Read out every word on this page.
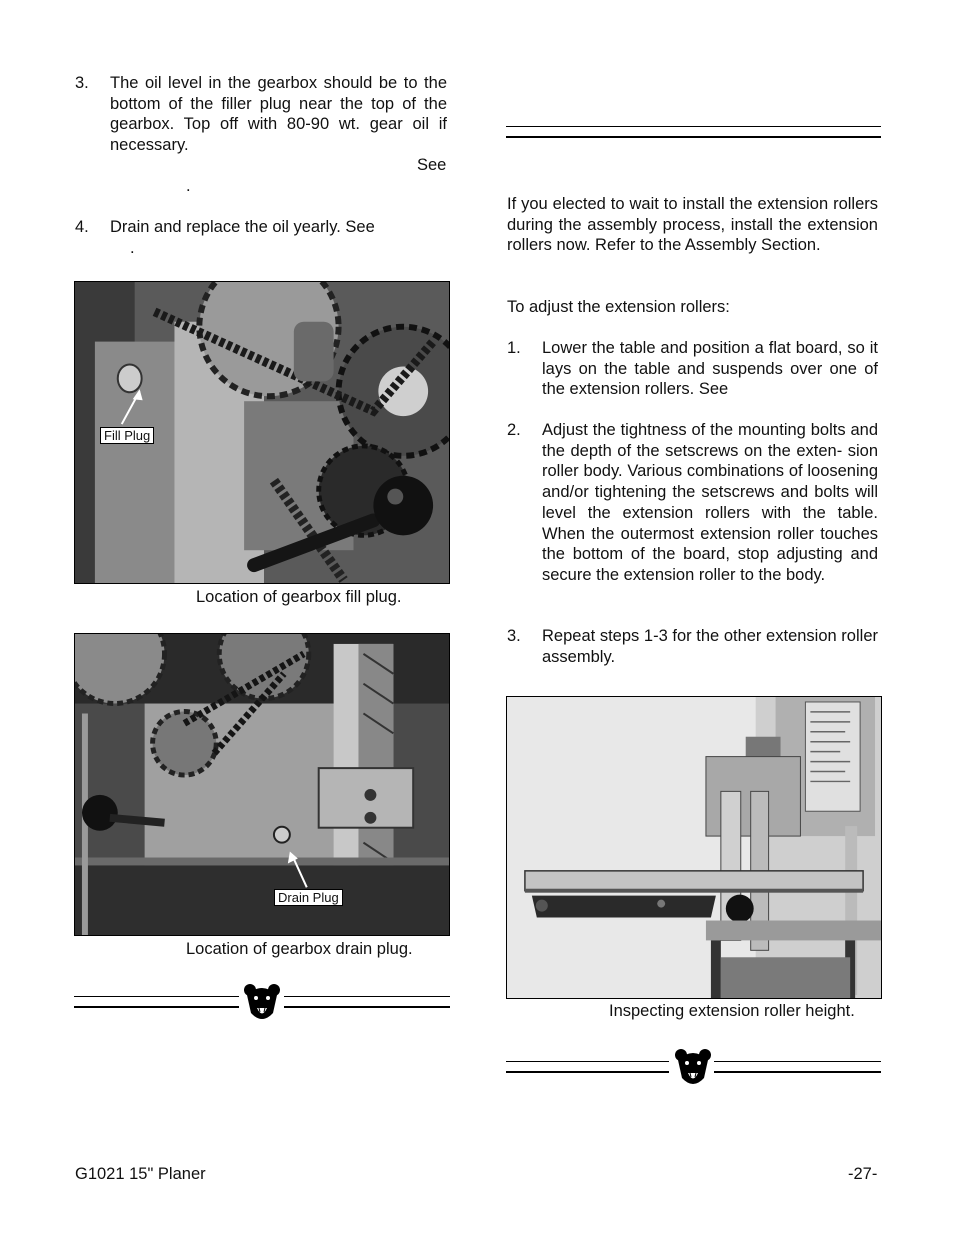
3.	The oil level in the gearbox should be to the bottom of the filler plug near the top of the gearbox. Top off with 80-90 wt. gear oil if necessary.
See
.
4.	Drain and replace the oil yearly. See
.
Fill Plug
Location of gearbox fill plug.
Drain Plug
Location of gearbox drain plug.
If you elected to wait to install the extension rollers during the assembly process, install the extension rollers now. Refer to the Assembly Section.
To adjust the extension rollers:
1.	Lower the table and position a flat board, so it lays on the table and suspends over one of the extension rollers. See
2.	Adjust the tightness of the mounting bolts and the depth of the setscrews on the exten- sion roller body. Various combinations of loosening and/or tightening the setscrews and bolts will level the extension rollers with the table. When the outermost extension roller touches the bottom of the board, stop adjusting and secure the extension roller to the body.
3.	Repeat steps 1-3 for the other extension roller assembly.
Inspecting extension roller height.
G1021 15" Planer	-27-
